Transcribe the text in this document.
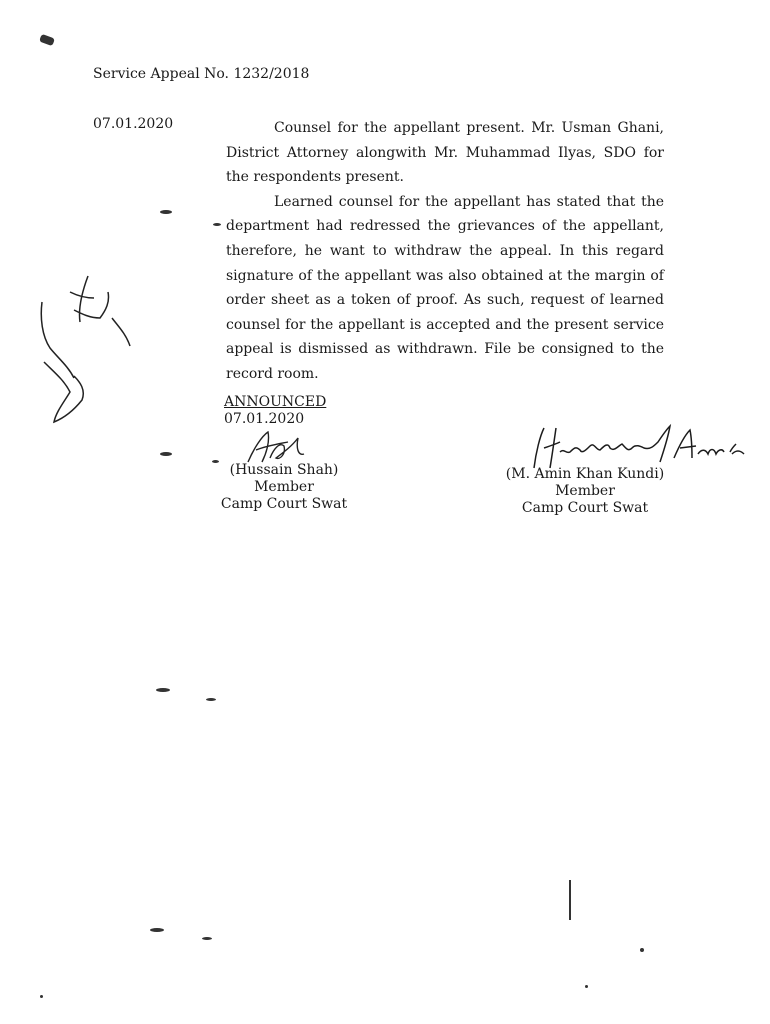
Service Appeal No. 1232/2018
07.01.2020	Counsel for the appellant present. Mr. Usman Ghani, District Attorney alongwith Mr. Muhammad Ilyas, SDO for the respondents present.

Learned counsel for the appellant has stated that the department had redressed the grievances of the appellant, therefore, he want to withdraw the appeal. In this regard signature of the appellant was also obtained at the margin of order sheet as a token of proof. As such, request of learned counsel for the appellant is accepted and the present service appeal is dismissed as withdrawn. File be consigned to the record room.

ANNOUNCED
07.01.2020
(Hussain Shah)
Member
Camp Court Swat
(M. Amin Khan Kundi)
Member
Camp Court Swat
